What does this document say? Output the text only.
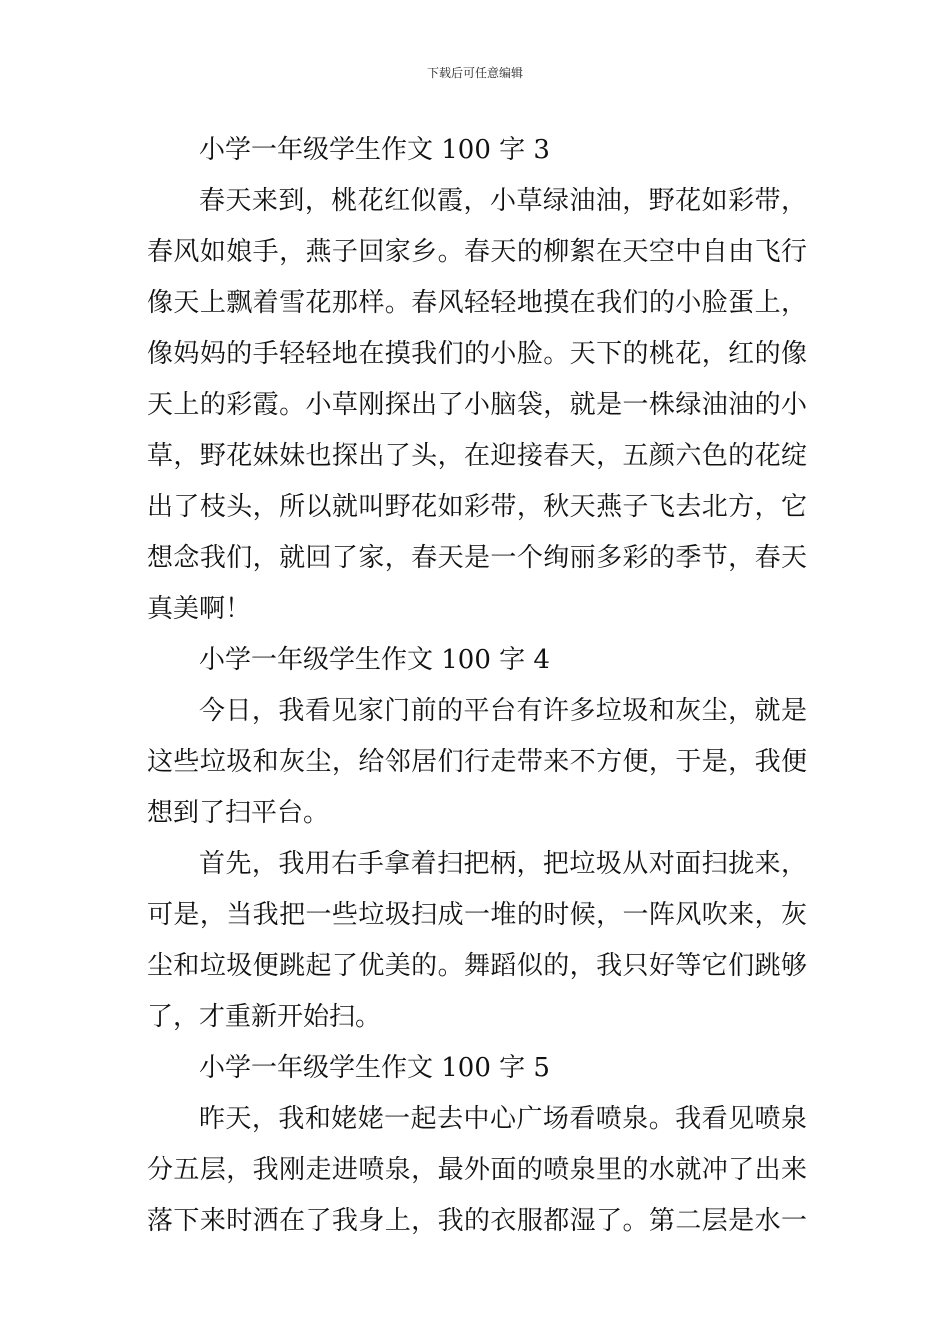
下载后可任意编辑
小学一年级学生作文 100 字 3
春天来到，桃花红似霞，小草绿油油，野花如彩带，
春风如娘手，燕子回家乡。春天的柳絮在天空中自由飞行
像天上飘着雪花那样。春风轻轻地摸在我们的小脸蛋上，
像妈妈的手轻轻地在摸我们的小脸。天下的桃花，红的像
天上的彩霞。小草刚探出了小脑袋，就是一株绿油油的小
草，野花妹妹也探出了头，在迎接春天，五颜六色的花绽
出了枝头，所以就叫野花如彩带，秋天燕子飞去北方，它
想念我们，就回了家，春天是一个绚丽多彩的季节，春天
真美啊！
小学一年级学生作文 100 字 4
今日，我看见家门前的平台有许多垃圾和灰尘，就是
这些垃圾和灰尘，给邻居们行走带来不方便，于是，我便
想到了扫平台。
首先，我用右手拿着扫把柄，把垃圾从对面扫拢来，
可是，当我把一些垃圾扫成一堆的时候，一阵风吹来，灰
尘和垃圾便跳起了优美的。舞蹈似的，我只好等它们跳够
了，才重新开始扫。
小学一年级学生作文 100 字 5
昨天，我和姥姥一起去中心广场看喷泉。我看见喷泉
分五层，我刚走进喷泉，最外面的喷泉里的水就冲了出来
落下来时洒在了我身上，我的衣服都湿了。第二层是水一
